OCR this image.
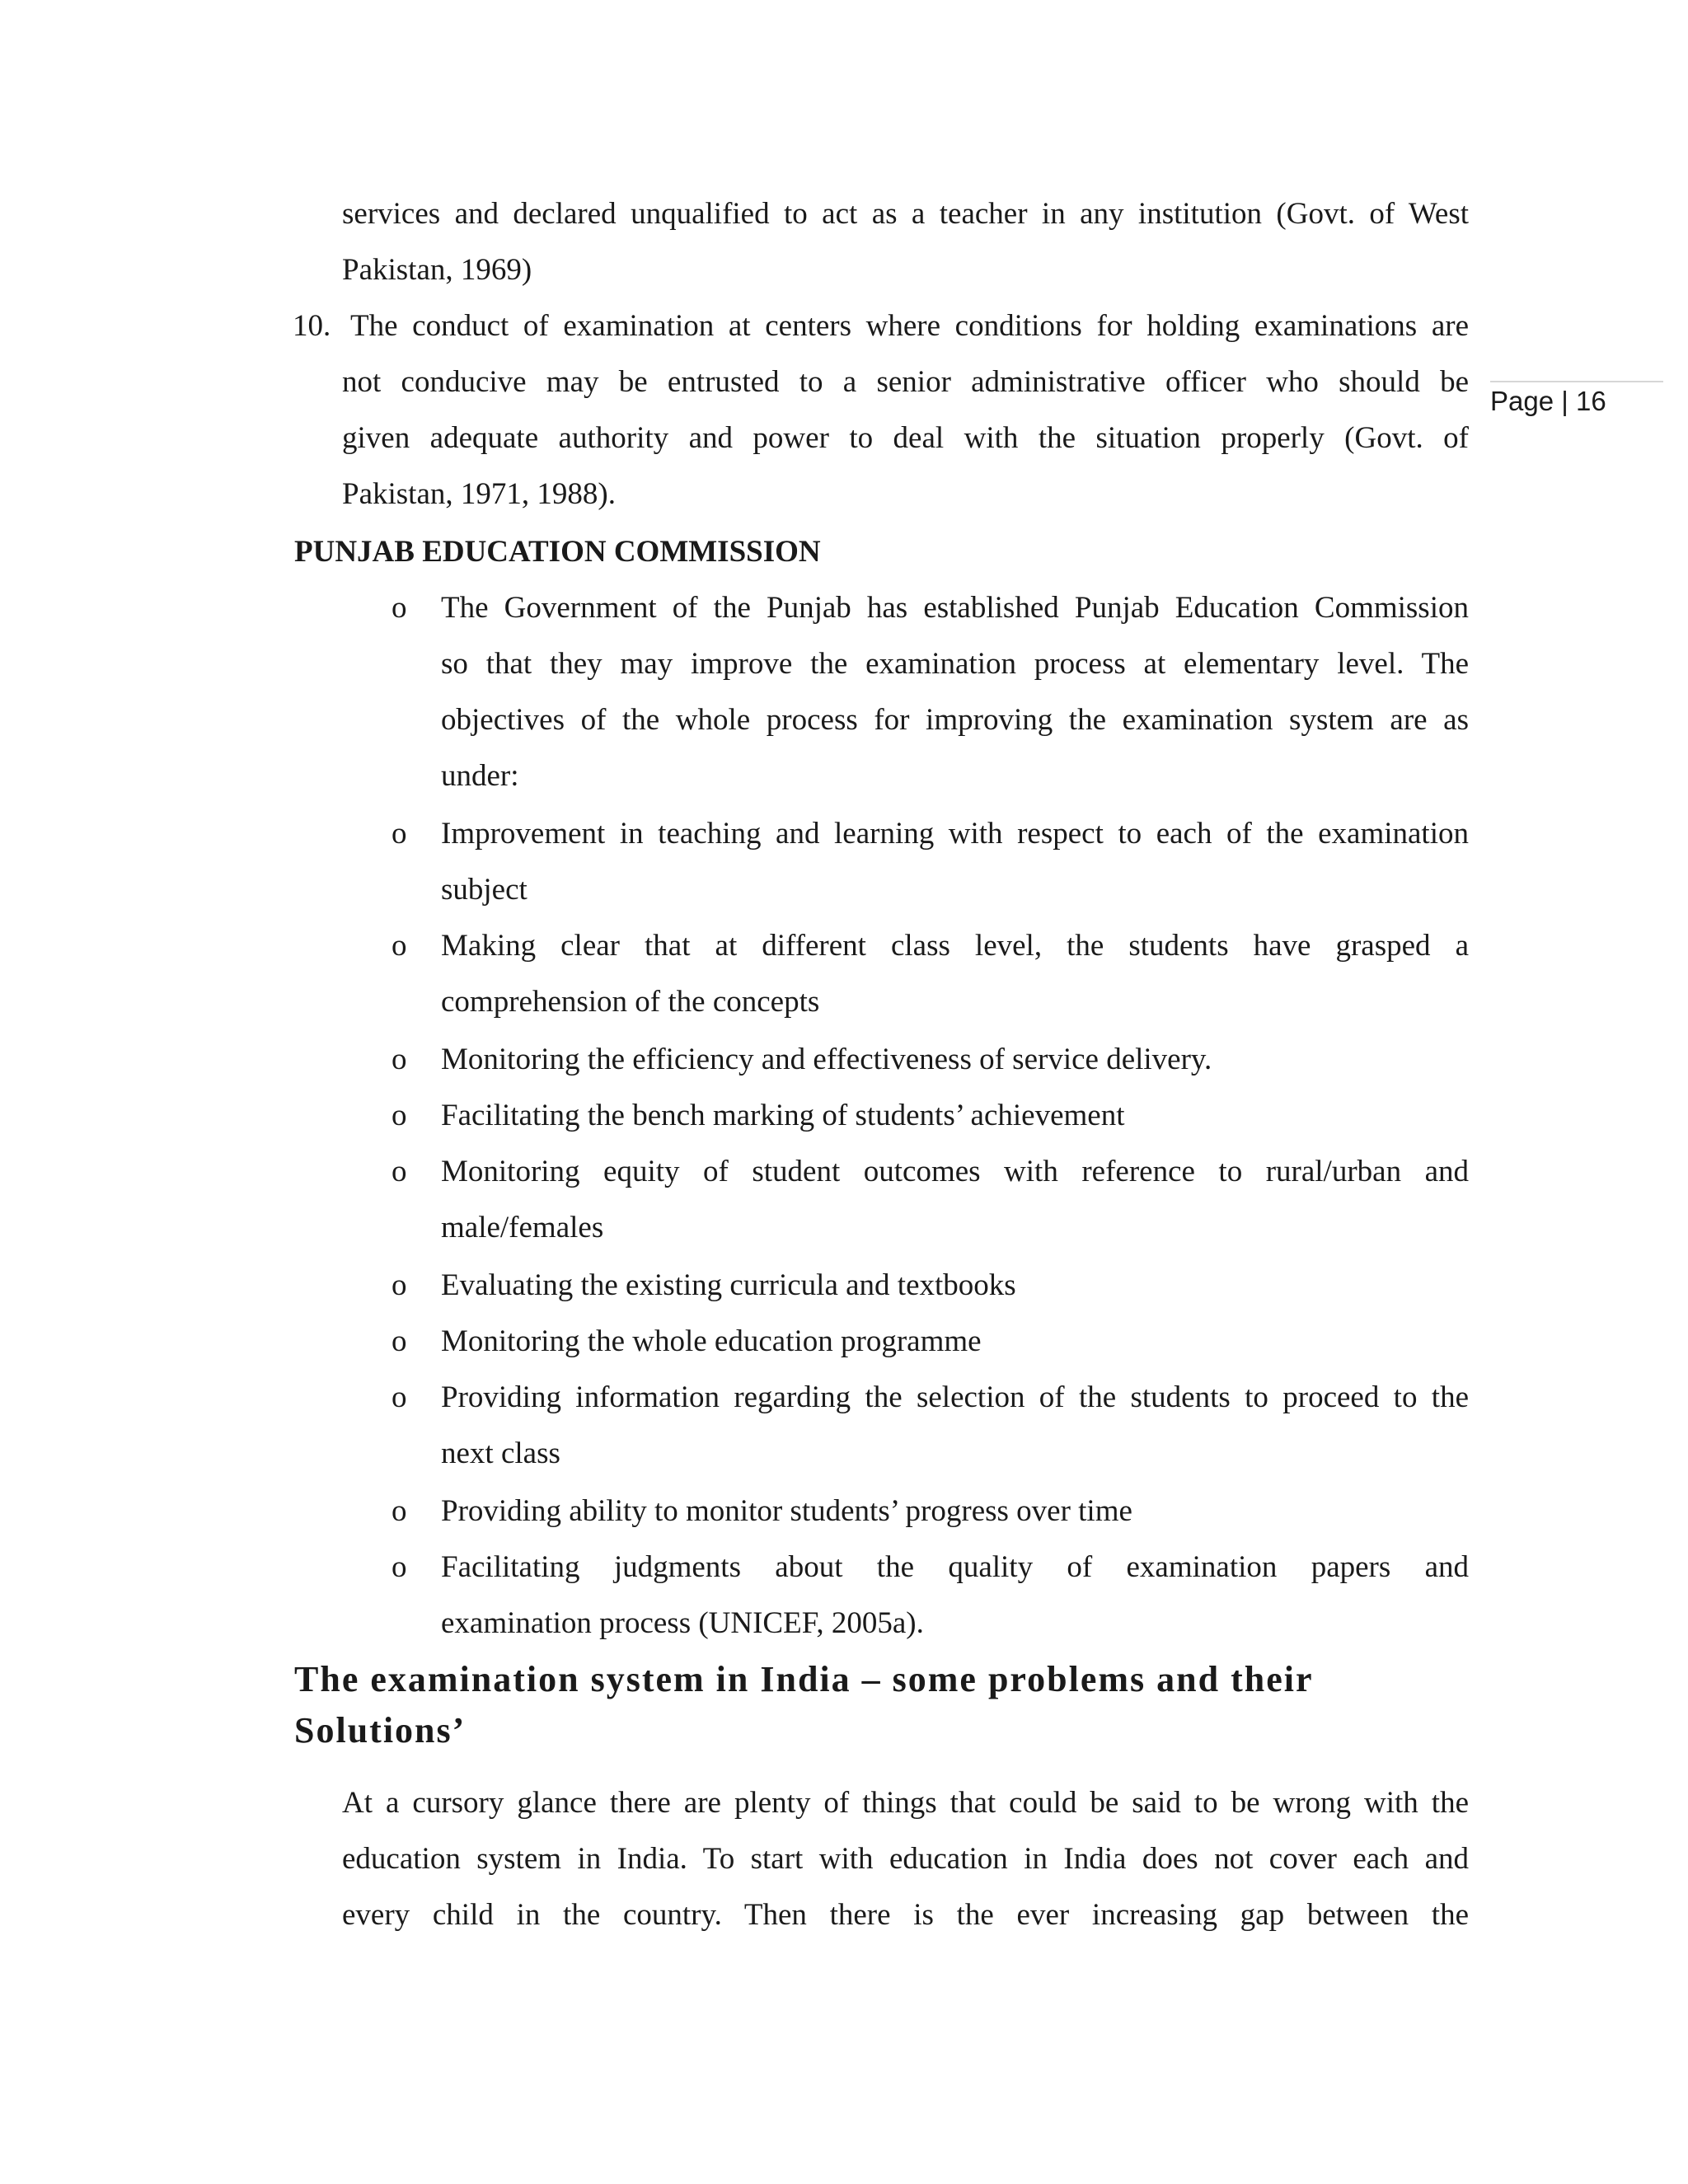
Page | 16
services and declared unqualified to act as a teacher in any institution (Govt. of West
Pakistan, 1969)
10. The conduct of examination at centers where conditions for holding examinations are
not conducive may be entrusted to a senior administrative officer who should be
given adequate authority and power to deal with the situation properly (Govt. of
Pakistan, 1971, 1988).
PUNJAB EDUCATION COMMISSION
o The Government of the Punjab has established Punjab Education Commission
so that they may improve the examination process at elementary level. The
objectives of the whole process for improving the examination system are as
under:
o Improvement in teaching and learning with respect to each of the examination
subject
o Making clear that at different class level, the students have grasped a
comprehension of the concepts
o Monitoring the efficiency and effectiveness of service delivery.
o Facilitating the bench marking of students’ achievement
o Monitoring equity of student outcomes with reference to rural/urban and
male/females
o Evaluating the existing curricula and textbooks
o Monitoring the whole education programme
o Providing information regarding the selection of the students to proceed to the
next class
o Providing ability to monitor students’ progress over time
o Facilitating judgments about the quality of examination papers and
examination process (UNICEF, 2005a).
The examination system in India – some problems and their
Solutions’
At a cursory glance there are plenty of things that could be said to be wrong with the
education system in India. To start with education in India does not cover each and
every child in the country. Then there is the ever increasing gap between the
